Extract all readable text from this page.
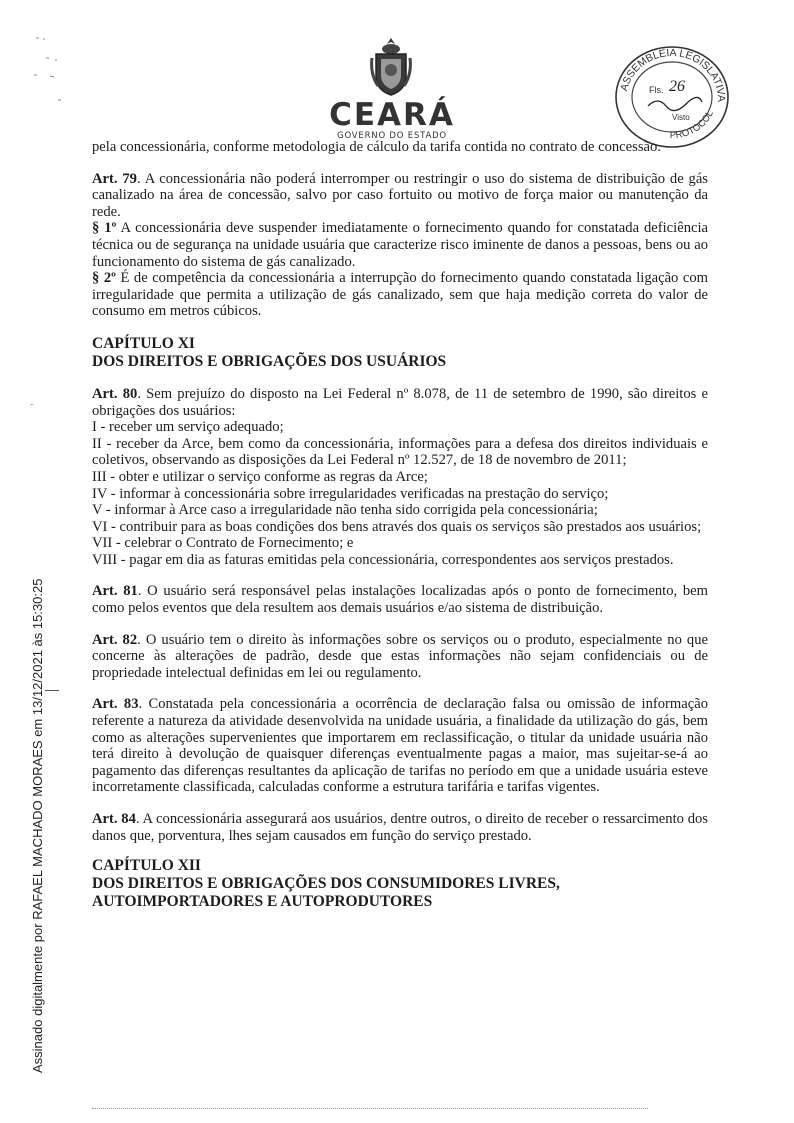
˷
CEARÁ
GOVERNO DO ESTADO
ASSEMBLEIA LEGISLATIVA
PROTOCOL
Fls. 26
Visto

pela concessionária, conforme metodologia de cálculo da tarifa contida no contrato de concessão.

Art. 79. A concessionária não poderá interromper ou restringir o uso do sistema de distribuição de gás canalizado na área de concessão, salvo por caso fortuito ou motivo de força maior ou manutenção da rede.

§ 1º A concessionária deve suspender imediatamente o fornecimento quando for constatada deficiência técnica ou de segurança na unidade usuária que caracterize risco iminente de danos a pessoas, bens ou ao funcionamento do sistema de gás canalizado.

§ 2º É de competência da concessionária a interrupção do fornecimento quando constatada ligação com irregularidade que permita a utilização de gás canalizado, sem que haja medição correta do valor de consumo em metros cúbicos.

CAPÍTULO XI

DOS DIREITOS E OBRIGAÇÕES DOS USUÁRIOS

Art. 80. Sem prejuízo do disposto na Lei Federal nº 8.078, de 11 de setembro de 1990, são direitos e obrigações dos usuários:

I - receber um serviço adequado;

II - receber da Arce, bem como da concessionária, informações para a defesa dos direitos individuais e coletivos, observando as disposições da Lei Federal nº 12.527, de 18 de novembro de 2011;

III - obter e utilizar o serviço conforme as regras da Arce;

IV - informar à concessionária sobre irregularidades verificadas na prestação do serviço;

V - informar à Arce caso a irregularidade não tenha sido corrigida pela concessionária;

VI - contribuir para as boas condições dos bens através dos quais os serviços são prestados aos usuários;

VII - celebrar o Contrato de Fornecimento; e

VIII - pagar em dia as faturas emitidas pela concessionária, correspondentes aos serviços prestados.

Art. 81. O usuário será responsável pelas instalações localizadas após o ponto de fornecimento, bem como pelos eventos que dela resultem aos demais usuários e/ao sistema de distribuição.

Art. 82. O usuário tem o direito às informações sobre os serviços ou o produto, especialmente no que concerne às alterações de padrão, desde que estas informações não sejam confidenciais ou de propriedade intelectual definidas em lei ou regulamento.

Art. 83. Constatada pela concessionária a ocorrência de declaração falsa ou omissão de informação referente a natureza da atividade desenvolvida na unidade usuária, a finalidade da utilização do gás, bem como as alterações supervenientes que importarem em reclassificação, o titular da unidade usuária não terá direito à devolução de quaisquer diferenças eventualmente pagas a maior, mas sujeitar-se-á ao pagamento das diferenças resultantes da aplicação de tarifas no período em que a unidade usuária esteve incorretamente classificada, calculadas conforme a estrutura tarifária e tarifas vigentes.

Art. 84. A concessionária assegurará aos usuários, dentre outros, o direito de receber o ressarcimento dos danos que, porventura, lhes sejam causados em função do serviço prestado.

CAPÍTULO XII

DOS DIREITOS E OBRIGAÇÕES DOS CONSUMIDORES LIVRES,

AUTOIMPORTADORES E AUTOPRODUTORES

Assinado digitalmente por RAFAEL MACHADO MORAES em 13/12/2021 às 15:30:25
